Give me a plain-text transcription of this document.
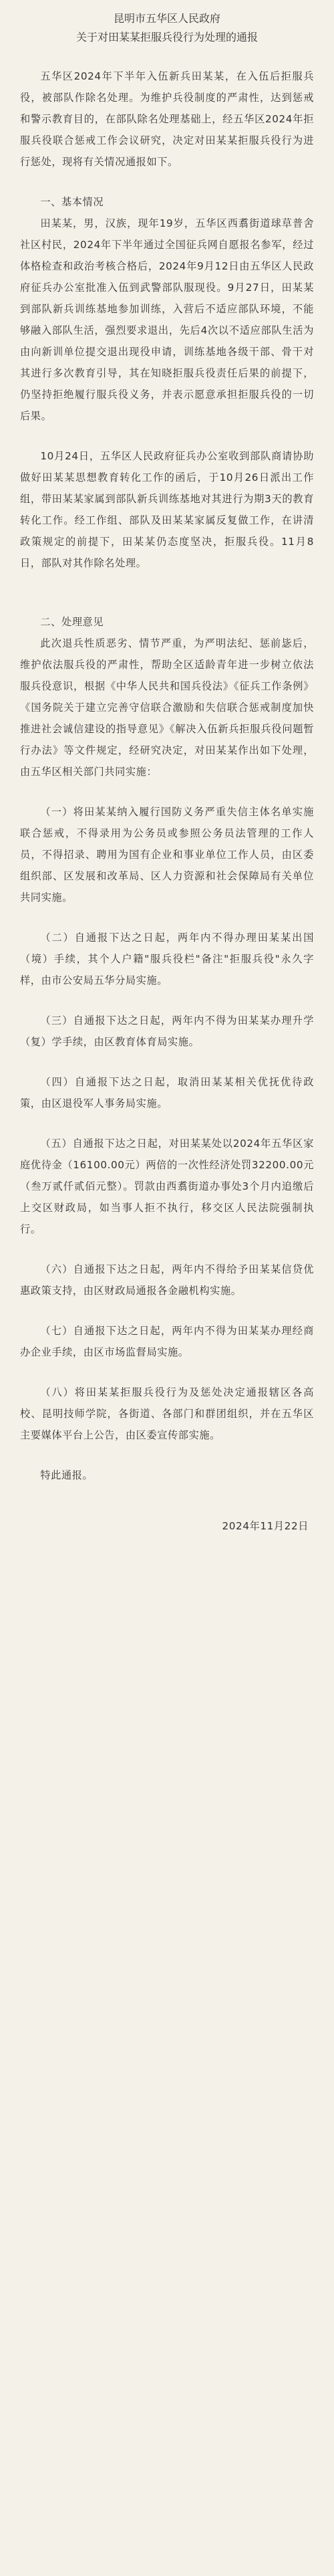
昆明市五华区人民政府
关于对田某某拒服兵役行为处理的通报

五华区2024年下半年入伍新兵田某某，在入伍后拒服兵役，被部队作除名处理。为维护兵役制度的严肃性，达到惩戒和警示教育目的，在部队除名处理基础上，经五华区2024年拒服兵役联合惩戒工作会议研究，决定对田某某拒服兵役行为进行惩处，现将有关情况通报如下。

一、基本情况

田某某，男，汉族，现年19岁，五华区西翥街道球草普舍社区村民，2024年下半年通过全国征兵网自愿报名参军，经过体格检查和政治考核合格后，2024年9月12日由五华区人民政府征兵办公室批准入伍到武警部队服现役。9月27日，田某某到部队新兵训练基地参加训练，入营后不适应部队环境，不能够融入部队生活，强烈要求退出，先后4次以不适应部队生活为由向新训单位提交退出现役申请，训练基地各级干部、骨干对其进行多次教育引导，其在知晓拒服兵役责任后果的前提下，仍坚持拒绝履行服兵役义务，并表示愿意承担拒服兵役的一切后果。

10月24日，五华区人民政府征兵办公室收到部队商请协助做好田某某思想教育转化工作的函后，于10月26日派出工作组，带田某某家属到部队新兵训练基地对其进行为期3天的教育转化工作。经工作组、部队及田某某家属反复做工作，在讲清政策规定的前提下，田某某仍态度坚决，拒服兵役。11月8日，部队对其作除名处理。

二、处理意见

此次退兵性质恶劣、情节严重，为严明法纪、惩前毖后，维护依法服兵役的严肃性，帮助全区适龄青年进一步树立依法服兵役意识，根据《中华人民共和国兵役法》《征兵工作条例》《国务院关于建立完善守信联合激励和失信联合惩戒制度加快推进社会诚信建设的指导意见》《解决入伍新兵拒服兵役问题暂行办法》等文件规定，经研究决定，对田某某作出如下处理，由五华区相关部门共同实施：

（一）将田某某纳入履行国防义务严重失信主体名单实施联合惩戒，不得录用为公务员或参照公务员法管理的工作人员，不得招录、聘用为国有企业和事业单位工作人员，由区委组织部、区发展和改革局、区人力资源和社会保障局有关单位共同实施。

（二）自通报下达之日起，两年内不得办理田某某出国（境）手续，其个人户籍"服兵役栏"备注"拒服兵役"永久字样，由市公安局五华分局实施。

（三）自通报下达之日起，两年内不得为田某某办理升学（复）学手续，由区教育体育局实施。

（四）自通报下达之日起，取消田某某相关优抚优待政策，由区退役军人事务局实施。

（五）自通报下达之日起，对田某某处以2024年五华区家庭优待金（16100.00元）两倍的一次性经济处罚32200.00元（叁万贰仟贰佰元整）。罚款由西翥街道办事处3个月内追缴后上交区财政局，如当事人拒不执行，移交区人民法院强制执行。

（六）自通报下达之日起，两年内不得给予田某某信贷优惠政策支持，由区财政局通报各金融机构实施。

（七）自通报下达之日起，两年内不得为田某某办理经商办企业手续，由区市场监督局实施。

（八）将田某某拒服兵役行为及惩处决定通报辖区各高校、昆明技师学院，各街道、各部门和群团组织，并在五华区主要媒体平台上公告，由区委宣传部实施。

特此通报。
2024年11月22日
